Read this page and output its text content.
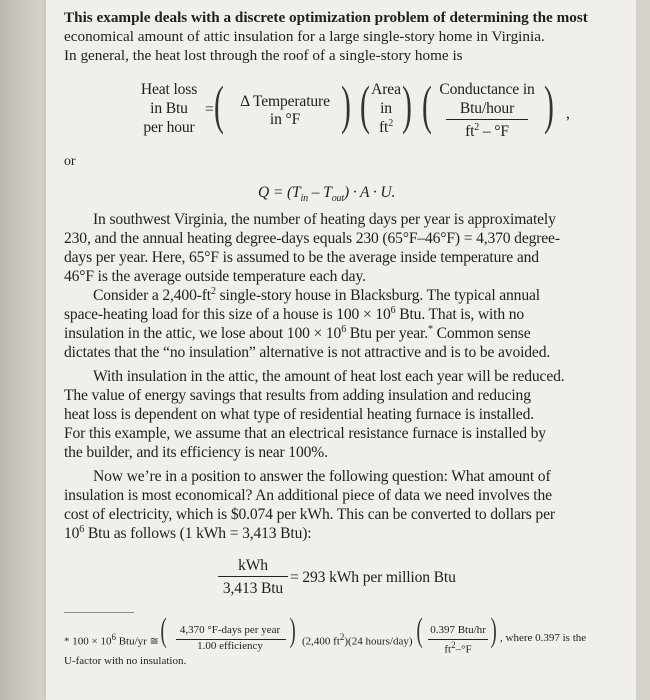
This example deals with a discrete optimization problem of determining the most
economical amount of attic insulation for a large single-story home in Virginia.
In general, the heat lost through the roof of a single-story home is
Heat loss
in Btu
per hour
= (	Δ Temperature
in °F ) ( Area
in
$ft^2$ ) ( Conductance in
Btu/hour
$ft^2 - ^\circ F$ ) ,
or
$Q = (T_{in} - T_{out}) \cdot A \cdot U$.
In southwest Virginia, the number of heating days per year is approximately
230, and the annual heating degree-days equals 230 (65°F–46°F) = 4,370 degree-
days per year. Here, 65°F is assumed to be the average inside temperature and
46°F is the average outside temperature each day.
Consider a $2,400-ft^2$ single-story house in Blacksburg. The typical annual
space-heating load for this size of a house is $100 \times 10^6$ Btu. That is, with no
insulation in the attic, we lose about $100 \times 10^6$ Btu per year.* Common sense
dictates that the “no insulation” alternative is not attractive and is to be avoided.
With insulation in the attic, the amount of heat lost each year will be reduced.
The value of energy savings that results from adding insulation and reducing
heat loss is dependent on what type of residential heating furnace is installed.
For this example, we assume that an electrical resistance furnace is installed by
the builder, and its efficiency is near 100%.
Now we’re in a position to answer the following question: What amount of
insulation is most economical? An additional piece of data we need involves the
cost of electricity, which is $0.074 per kWh. This can be converted to dollars per
$10^6$ Btu as follows (1 kWh = 3,413 Btu):
kWh
3,413 Btu
= 293 kWh per million Btu
* $100 \times 10^6$ Btu/yr ≅ (	4,370 °F-days per year
1.00 efficiency ) (2,400 $ft^2)(24$ hours/day) ( 0.397 Btu/hr
$ft^2-^\circ F$
) , where 0.397 is the
U-factor with no insulation.
